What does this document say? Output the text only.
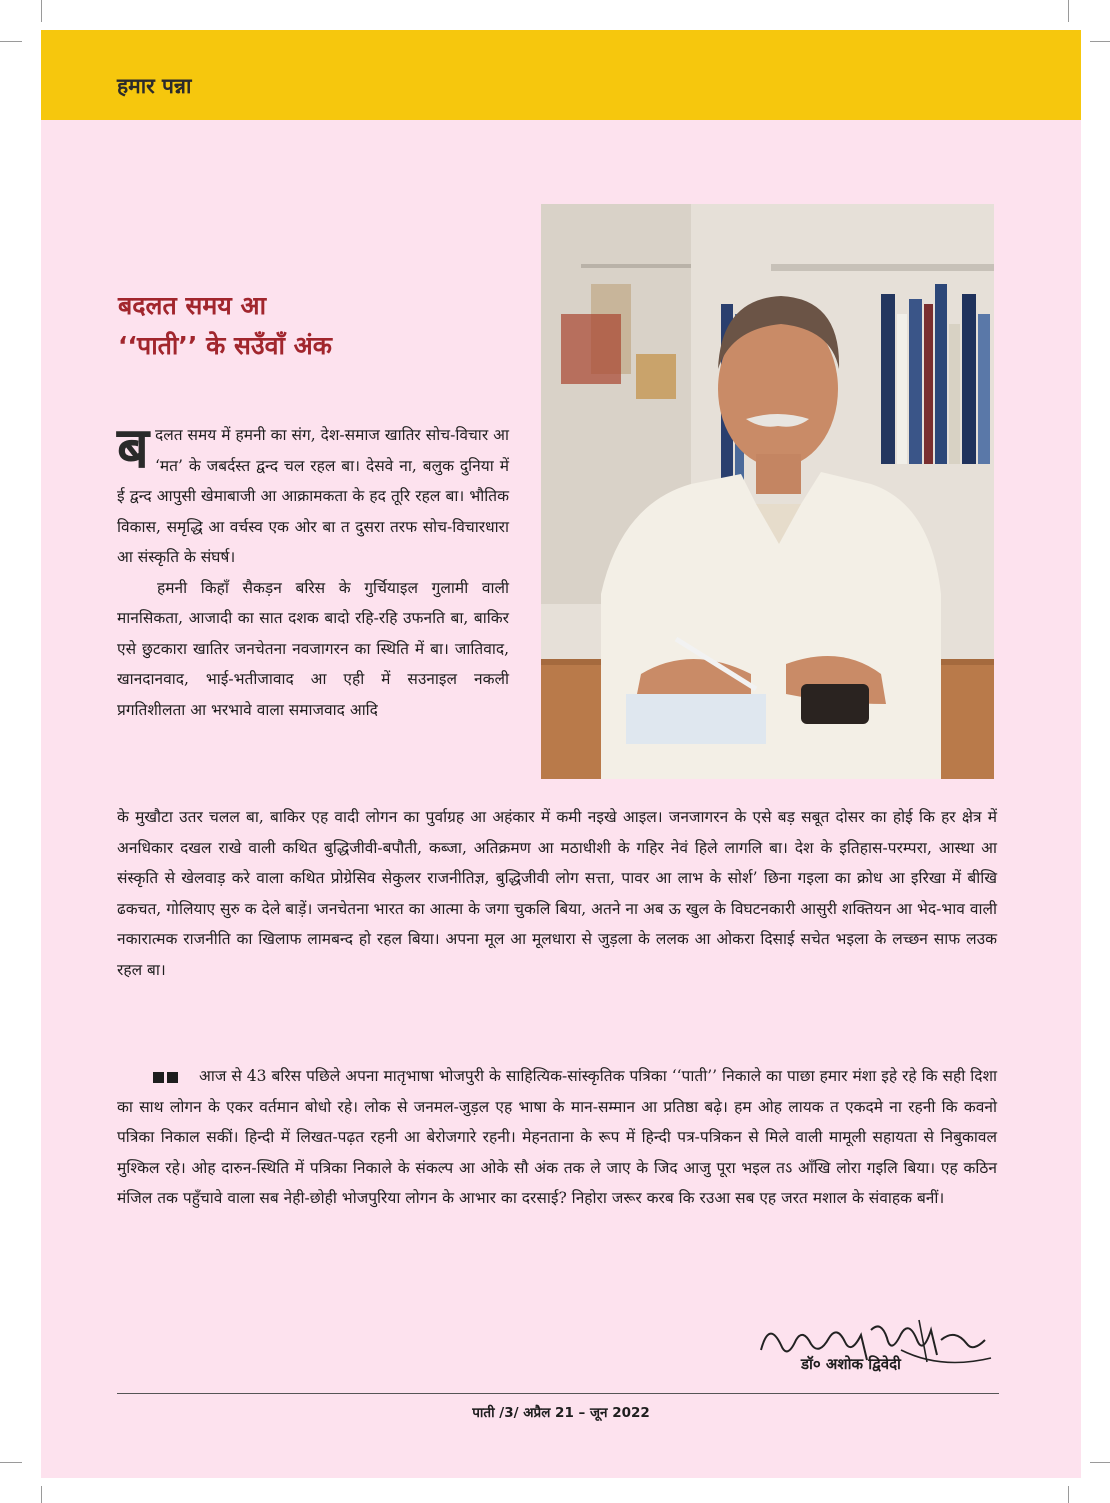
हमार पन्ना
बदलत समय आ
‘‘पाती’’ के सउँवाँ अंक

बदलत समय में हमनी का संग, देश-समाज खातिर सोच-विचार आ ‘मत’ के जबर्दस्त द्वन्द चल रहल बा। देसवे ना, बलुक दुनिया में ई द्वन्द आपुसी खेमाबाजी आ आक्रामकता के हद तूरि रहल बा। भौतिक विकास, समृद्धि आ वर्चस्व एक ओर बा त दुसरा तरफ सोच-विचारधारा आ संस्कृति के संघर्ष।

हमनी किहाँ सैकड़न बरिस के गुर्चियाइल गुलामी वाली मानसिकता, आजादी का सात दशक बादो रहि-रहि उफनति बा, बाकिर एसे छुटकारा खातिर जनचेतना नवजागरन का स्थिति में बा। जातिवाद, खानदानवाद, भाई-भतीजावाद आ एही में सउनाइल नकली प्रगतिशीलता आ भरभावे वाला समाजवाद आदि

के मुखौटा उतर चलल बा, बाकिर एह वादी लोगन का पुर्वाग्रह आ अहंकार में कमी नइखे आइल। जनजागरन के एसे बड़ सबूत दोसर का होई कि हर क्षेत्र में अनधिकार दखल राखे वाली कथित बुद्धिजीवी-बपौती, कब्जा, अतिक्रमण आ मठाधीशी के गहिर नेवं हिले लागलि बा। देश के इतिहास-परम्परा, आस्था आ संस्कृति से खेलवाड़ करे वाला कथित प्रोग्रेसिव सेकुलर राजनीतिज्ञ, बुद्धिजीवी लोग सत्ता, पावर आ लाभ के सोर्श’ छिना गइला का क्रोध आ इरिखा में बीखि ढकचत, गोलियाए सुरु क देले बाड़ें। जनचेतना भारत का आत्मा के जगा चुकलि बिया, अतने ना अब ऊ खुल के विघटनकारी आसुरी शक्तियन आ भेद-भाव वाली नकारात्मक राजनीति का खिलाफ लामबन्द हो रहल बिया। अपना मूल आ मूलधारा से जुड़ला के ललक आ ओकरा दिसाई सचेत भइला के लच्छन साफ लउक रहल बा।

आज से 43 बरिस पछिले अपना मातृभाषा भोजपुरी के साहित्यिक-सांस्कृतिक पत्रिका ‘‘पाती’’ निकाले का पाछा हमार मंशा इहे रहे कि सही दिशा का साथ लोगन के एकर वर्तमान बोधो रहे। लोक से जनमल-जुड़ल एह भाषा के मान-सम्मान आ प्रतिष्ठा बढ़े। हम ओह लायक त एकदमे ना रहनी कि कवनो पत्रिका निकाल सकीं। हिन्दी में लिखत-पढ़त रहनी आ बेरोजगारे रहनी। मेहनताना के रूप में हिन्दी पत्र-पत्रिकन से मिले वाली मामूली सहायता से निबुकावल मुश्किल रहे। ओह दारुन-स्थिति में पत्रिका निकाले के संकल्प आ ओके सौ अंक तक ले जाए के जिद आजु पूरा भइल तऽ आँखि लोरा गइलि बिया। एह कठिन मंजिल तक पहुँचावे वाला सब नेही-छोही भोजपुरिया लोगन के आभार का दरसाई? निहोरा जरूर करब कि रउआ सब एह जरत मशाल के संवाहक बनीं।

डॉ० अशोक द्विवेदी
पाती /3/ अप्रैल 21 – जून 2022
